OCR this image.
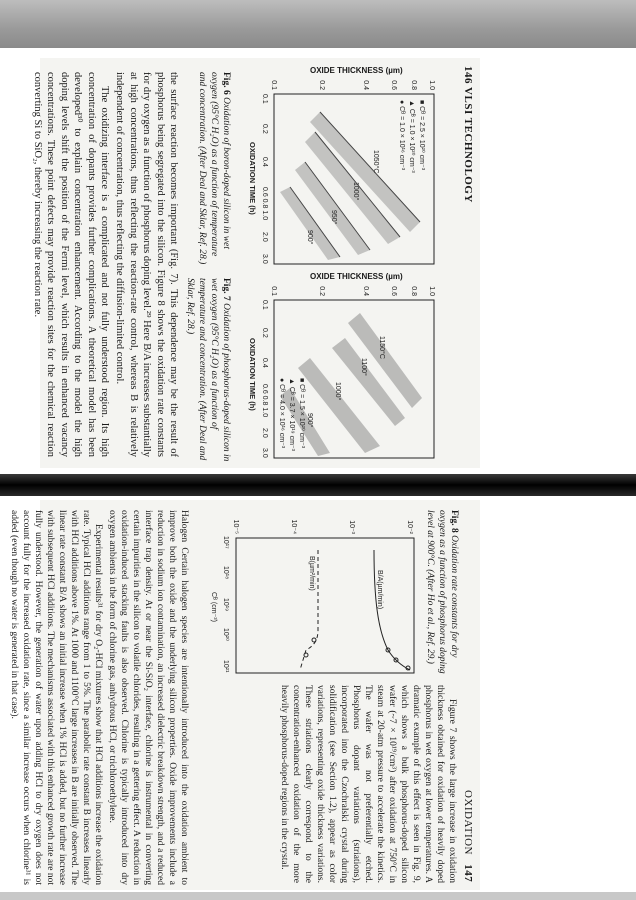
146 VLSI TECHNOLOGY
1.0
0.8
0.6
0.4
0.2
0.1
0.1
0.2
0.4
0.6 0.8 1.0
2.0
3.0
1050°C
1000°
950°
900°
■ Cᴮ = 2.5 × 10²⁰ cm⁻³
▲ Cᴮ = 1.0 × 10²⁰ cm⁻³
● Cᴮ = 1.0 × 10¹⁶ cm⁻³
OXIDATION TIME (h)
Fig. 6 Oxidation of boron-doped silicon in wet oxygen (95°C H₂O) as a function of temperature and concentration. (After Deal and Sklar, Ref. 28.)

the surface reaction becomes important (Fig. 7). This dependence may be the result of phosphorus being segregated into the silicon. Figure 8 shows the oxidation rate constants for dry oxygen as a function of phosphorus doping level.²⁹ Here B/A increases substantially at high concentrations, thus reflecting the reaction-rate control, whereas B is relatively independent of concentration, thus reflecting the diffusion-limited control.

The oxidizing interface is a complicated and not fully understood region. Its high concentration of dopants provides further complications. A theoretical model has been developed³⁰ to explain concentration enhancement. According to the model the high doping levels shift the position of the Fermi level, which results in enhanced vacancy concentrations. These point defects may provide reaction sites for the chemical reaction converting Si to SiO₂, thereby increasing the reaction rate.	1.0
0.8
0.6
0.4
0.2
0.1
0.1
0.2
0.4
0.6 0.8 1.0
2.0
3.0
1150°C
1100°
1000°
900°
■ Cᴮ = 1.5 × 10²⁰ cm⁻³
▲ Cᴮ = 3.7 × 10¹⁹ cm⁻³
● Cᴮ = 4.0 × 10¹⁶ cm⁻³
OXIDATION TIME (h)
Fig. 7 Oxidation of phosphorus-doped silicon in wet oxygen (95°C H₂O) as a function of temperature and concentration. (After Deal and Sklar, Ref. 28.)
OXIDE THICKNESS (µm)
OXIDE THICKNESS (µm)
Fig. 8 Oxidation rate constants for dry oxygen as a function of phosphorus doping level at 900°C. (After Ho et al., Ref. 29.)
10⁻²
10⁻³
10⁻⁴
10⁻⁵
10¹⁷
10¹⁸
10¹⁹
10²⁰
10²¹
Cᴮ (cm⁻³)	B/A(µm/min)
B(µm²/min)
OXIDATION 147

Figure 7 shows the large increase in oxidation thickness obtained for oxidation of heavily doped phosphorus in wet oxygen at lower temperatures. A dramatic example of this effect is seen in Fig. 9, which shows a bulk phosphorus-doped silicon wafer (~7 × 10¹⁹/cm³) after oxidation at 750°C in steam at 20-atm pressure to accelerate the kinetics. The wafer was not preferentially etched. Phosphorus dopant variations (striations), incorporated into the Czochralski crystal during solidification (see Section 1.2), appear as color variations, representing oxide thickness variations. These striations clearly correspond to the concentration-enhanced oxidation of the more heavily phosphorus-doped regions in the crystal.

Halogen Certain halogen species are intentionally introduced into the oxidation ambient to improve both the oxide and the underlying silicon properties. Oxide improvements include a reduction in sodium ion contamination, an increased dielectric breakdown strength, and a reduced interface trap density. At or near the Si-SiO₂ interface, chlorine is instrumental in converting certain impurities in the silicon to volatile chlorides, resulting in a gettering effect. A reduction in oxidation-induced stacking faults is also observed. Chlorine is typically introduced into dry oxygen ambients in the form of chlorine gas, anhydrous HCl, or trichloroethylene.

Experimental results³¹ for dry O₂-HCl mixtures show that HCl additions increase the oxidation rate. Typical HCl additions range from 1 to 5%. The parabolic rate constant B increases linearly with HCl additions above 1%. At 1000 and 1100°C large increases in B are initially observed. The linear rate constant B/A shows an initial increase when 1% HCl is added, but no further increase with subsequent HCl additions. The mechanisms associated with this enhanced growth rate are not fully understood. However, the generation of water upon adding HCl to dry oxygen does not account fully for the increased oxidation rate, since a similar increase occurs when chlorine³¹ is added (even though no water is generated in that case).
